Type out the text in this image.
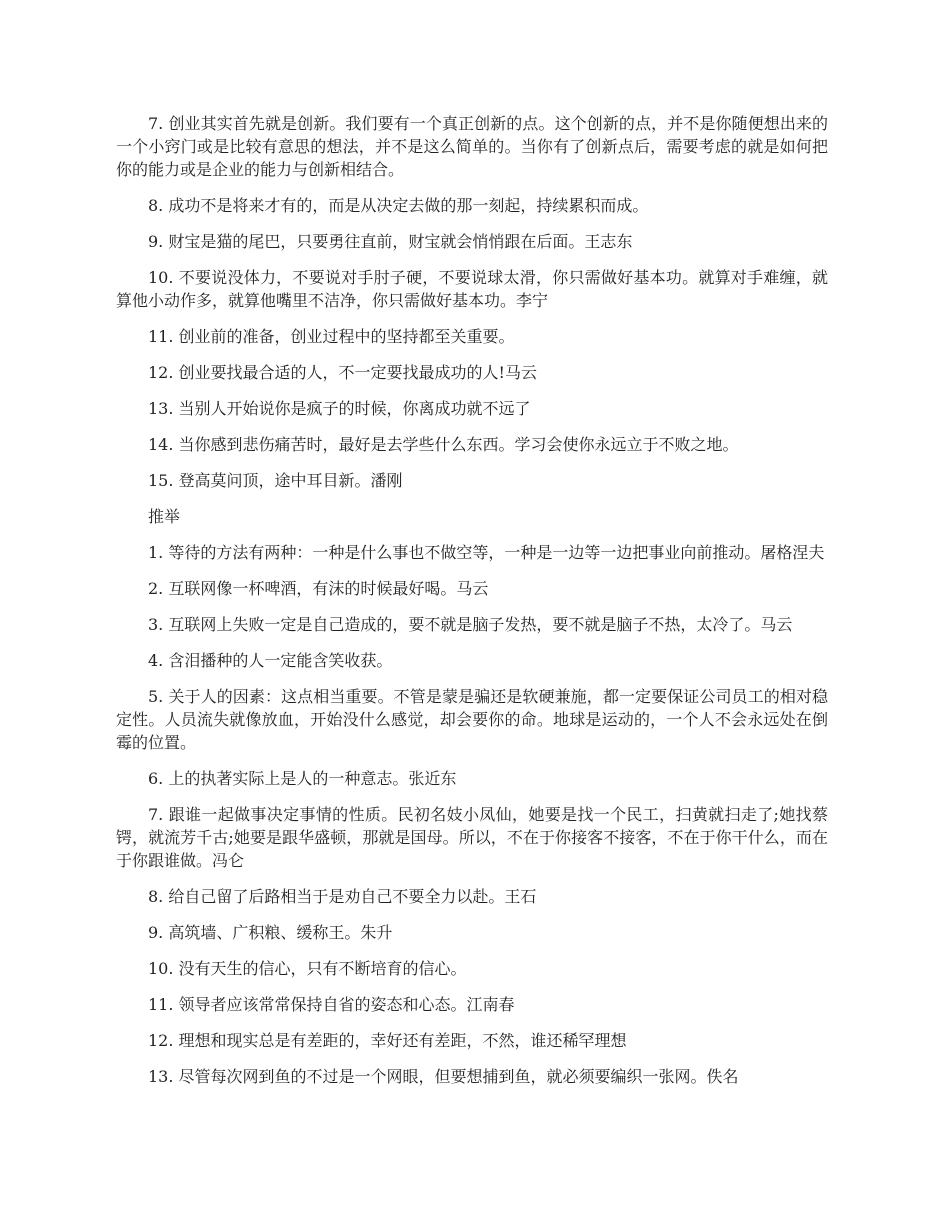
7. 创业其实首先就是创新。我们要有一个真正创新的点。这个创新的点，并不是你随便想出来的一个小窍门或是比较有意思的想法，并不是这么简单的。当你有了创新点后，需要考虑的就是如何把你的能力或是企业的能力与创新相结合。

8. 成功不是将来才有的，而是从决定去做的那一刻起，持续累积而成。

9. 财宝是猫的尾巴，只要勇往直前，财宝就会悄悄跟在后面。王志东

10. 不要说没体力，不要说对手肘子硬，不要说球太滑，你只需做好基本功。就算对手难缠，就算他小动作多，就算他嘴里不洁净，你只需做好基本功。李宁

11. 创业前的准备，创业过程中的坚持都至关重要。

12. 创业要找最合适的人，不一定要找最成功的人!马云

13. 当别人开始说你是疯子的时候，你离成功就不远了

14. 当你感到悲伤痛苦时，最好是去学些什么东西。学习会使你永远立于不败之地。

15. 登高莫问顶，途中耳目新。潘刚

推举

1. 等待的方法有两种：一种是什么事也不做空等，一种是一边等一边把事业向前推动。屠格涅夫

2. 互联网像一杯啤酒，有沫的时候最好喝。马云

3. 互联网上失败一定是自己造成的，要不就是脑子发热，要不就是脑子不热，太冷了。马云

4. 含泪播种的人一定能含笑收获。

5. 关于人的因素：这点相当重要。不管是蒙是骗还是软硬兼施，都一定要保证公司员工的相对稳定性。人员流失就像放血，开始没什么感觉，却会要你的命。地球是运动的，一个人不会永远处在倒霉的位置。

6. 上的执著实际上是人的一种意志。张近东

7. 跟谁一起做事决定事情的性质。民初名妓小凤仙，她要是找一个民工，扫黄就扫走了;她找蔡锷，就流芳千古;她要是跟华盛顿，那就是国母。所以，不在于你接客不接客，不在于你干什么，而在于你跟谁做。冯仑

8. 给自己留了后路相当于是劝自己不要全力以赴。王石

9. 高筑墙、广积粮、缓称王。朱升

10. 没有天生的信心，只有不断培育的信心。

11. 领导者应该常常保持自省的姿态和心态。江南春

12. 理想和现实总是有差距的，幸好还有差距，不然，谁还稀罕理想

13. 尽管每次网到鱼的不过是一个网眼，但要想捕到鱼，就必须要编织一张网。佚名
